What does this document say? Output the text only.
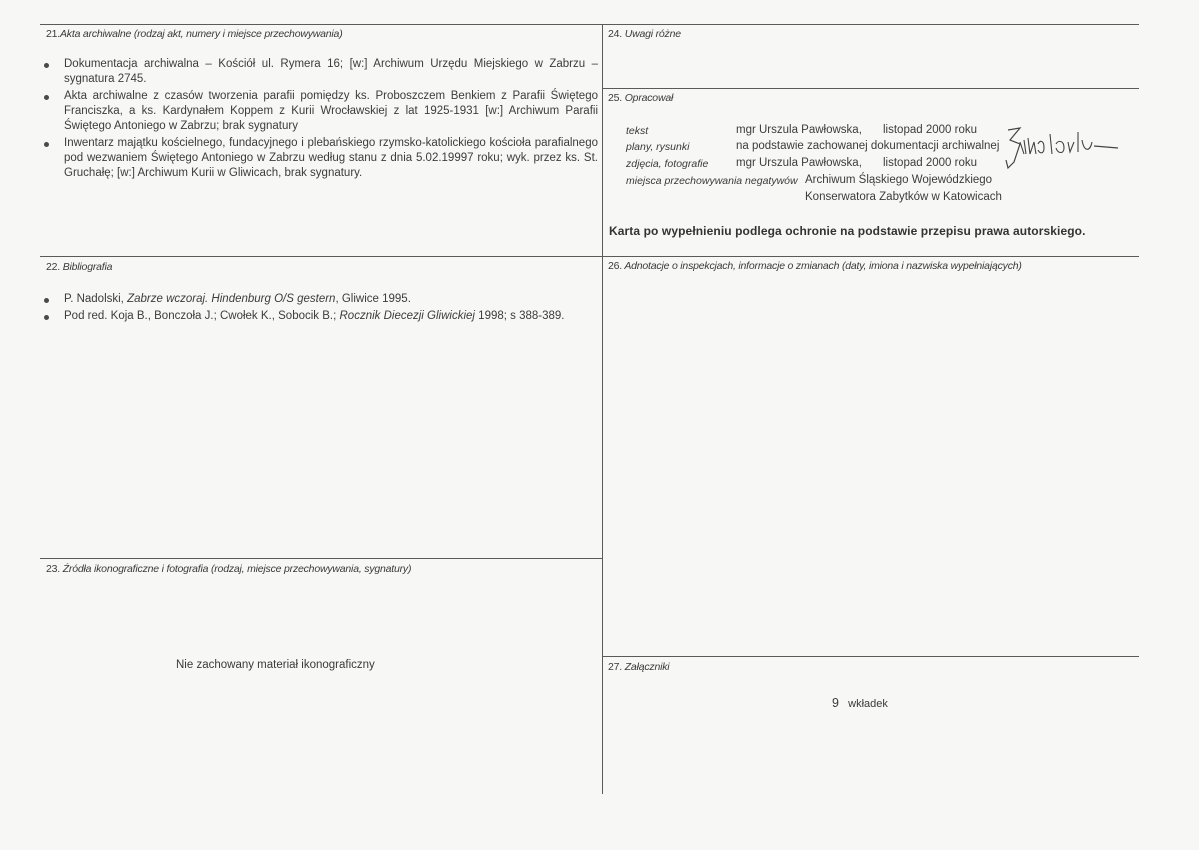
21.Akta archiwalne (rodzaj akt, numery i miejsce przechowywania)
Dokumentacja archiwalna – Kościół ul. Rymera 16; [w:] Archiwum Urzędu Miejskiego w Zabrzu – sygnatura 2745.
Akta archiwalne z czasów tworzenia parafii pomiędzy ks. Proboszczem Benkiem z Parafii Świętego Franciszka, a ks. Kardynałem Koppem z Kurii Wrocławskiej z lat 1925-1931 [w:] Archiwum Parafii Świętego Antoniego w Zabrzu; brak sygnatury
Inwentarz majątku kościelnego, fundacyjnego i plebańskiego rzymsko-katolickiego kościoła parafialnego pod wezwaniem Świętego Antoniego w Zabrzu według stanu z dnia 5.02.19997 roku; wyk. przez ks. St. Gruchałę; [w:] Archiwum Kurii w Gliwicach, brak sygnatury.
22. Bibliografia
P. Nadolski, Zabrze wczoraj. Hindenburg O/S gestern, Gliwice 1995.
Pod red. Koja B., Bonczoła J.; Cwołek K., Sobocik B.; Rocznik Diecezji Gliwickiej 1998; s 388-389.
23. Źródła ikonograficzne i fotografia (rodzaj, miejsce przechowywania, sygnatury)
Nie zachowany materiał ikonograficzny
24. Uwagi różne
25. Opracował
tekst	mgr Urszula Pawłowska, listopad 2000 roku
plany, rysunki	na podstawie zachowanej dokumentacji archiwalnej
zdjęcia, fotografie mgr Urszula Pawłowska, listopad 2000 roku
miejsca przechowywania negatywów Archiwum Śląskiego Wojewódzkiego
Konserwatora Zabytków w Katowicach
Karta po wypełnieniu podlega ochronie na podstawie przepisu prawa autorskiego.
26. Adnotacje o inspekcjach, informacje o zmianach (daty, imiona i nazwiska wypełniających)
27. Załączniki
9 wkładek
